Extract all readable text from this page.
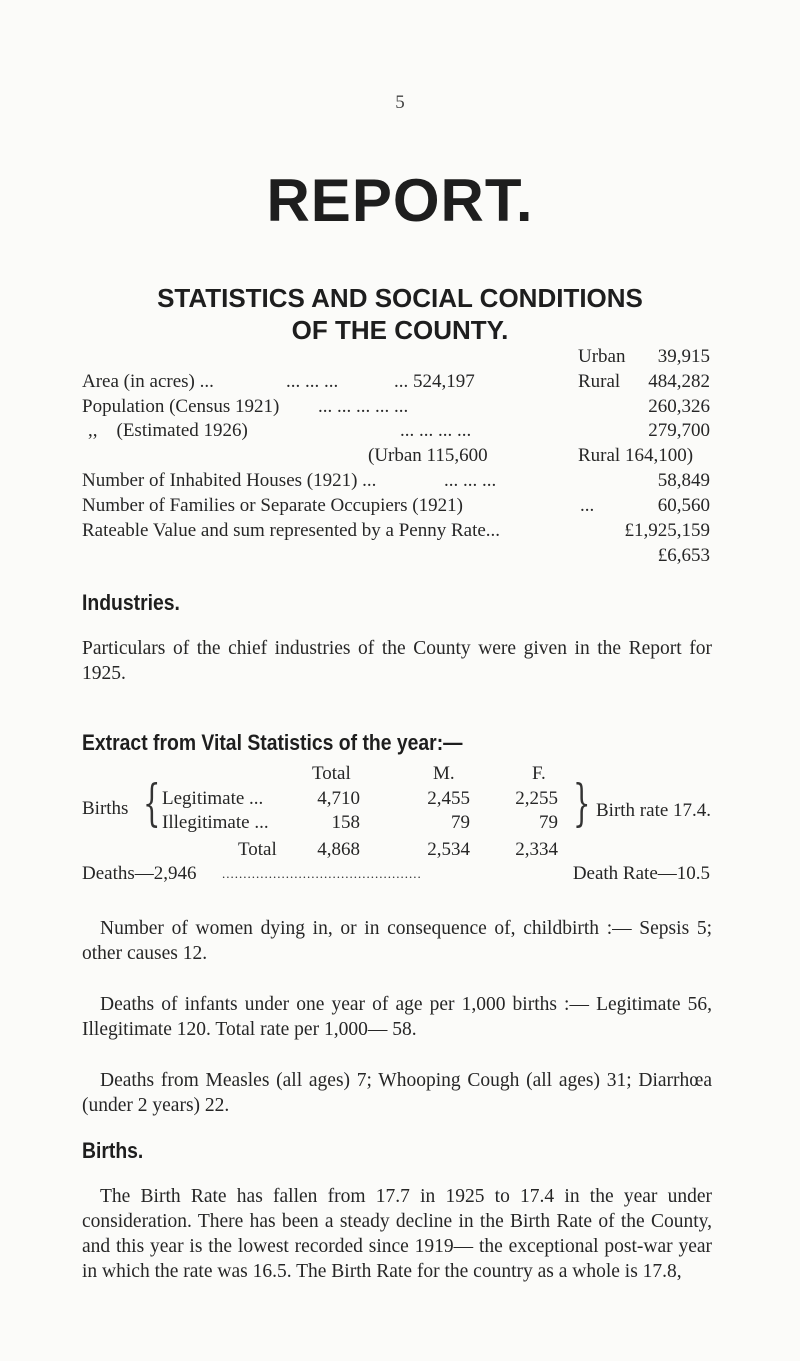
5
REPORT.
STATISTICS AND SOCIAL CONDITIONS
OF THE COUNTY.
Urban 39,915
Area (in acres) ...	... ... ...	... 524,197	Rural 484,282
Population (Census 1921) ... ... ... ... ...	260,326
,,    (Estimated 1926)	... ... ... ...	279,700
(Urban 115,600	Rural 164,100)
Number of Inhabited Houses (1921) ...	... ... ...	58,849
Number of Families or Separate Occupiers (1921)	...	60,560
Rateable Value and sum represented by a Penny Rate...	£1,925,159
£6,653
Industries.
Particulars of the chief industries of the County were given in the Report for 1925.
Extract from Vital Statistics of the year:—
Total	M.	F.
Births { Legitimate ...	4,710	2,455 2,255
Illegitimate ...	158	79	79 } Birth rate 17.4.
Total 4,868	2,534 2,334
Deaths—2,946 ...............................................	Death Rate—10.5
Number of women dying in, or in consequence of, childbirth :— Sepsis 5; other causes 12.
Deaths of infants under one year of age per 1,000 births :— Legitimate 56, Illegitimate 120. Total rate per 1,000— 58.
Deaths from Measles (all ages) 7; Whooping Cough (all ages) 31; Diarrhœa (under 2 years) 22.
Births.
The Birth Rate has fallen from 17.7 in 1925 to 17.4 in the year under consideration. There has been a steady decline in the Birth Rate of the County, and this year is the lowest recorded since 1919— the exceptional post-war year in which the rate was 16.5. The Birth Rate for the country as a whole is 17.8,
